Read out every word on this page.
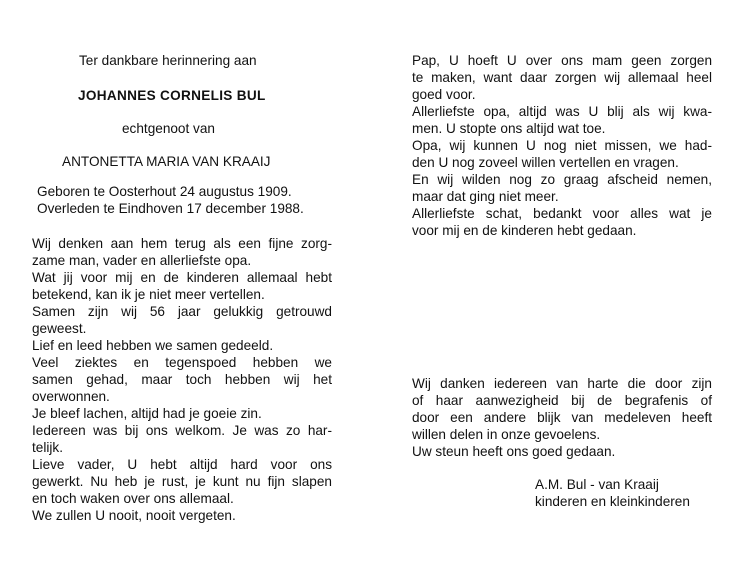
Ter dankbare herinnering aan
JOHANNES CORNELIS BUL
echtgenoot van
ANTONETTA MARIA VAN KRAAIJ
Geboren te Oosterhout 24 augustus 1909.
Overleden te Eindhoven 17 december 1988.
Wij denken aan hem terug als een fijne zorg-
zame man, vader en allerliefste opa.
Wat jij voor mij en de kinderen allemaal hebt
betekend, kan ik je niet meer vertellen.
Samen zijn wij 56 jaar gelukkig getrouwd
geweest.
Lief en leed hebben we samen gedeeld.
Veel ziektes en tegenspoed hebben we
samen gehad, maar toch hebben wij het
overwonnen.
Je bleef lachen, altijd had je goeie zin.
Iedereen was bij ons welkom. Je was zo har-
telijk.
Lieve vader, U hebt altijd hard voor ons
gewerkt. Nu heb je rust, je kunt nu fijn slapen
en toch waken over ons allemaal.
We zullen U nooit, nooit vergeten.
Pap, U hoeft U over ons mam geen zorgen
te maken, want daar zorgen wij allemaal heel
goed voor.
Allerliefste opa, altijd was U blij als wij kwa-
men. U stopte ons altijd wat toe.
Opa, wij kunnen U nog niet missen, we had-
den U nog zoveel willen vertellen en vragen.
En wij wilden nog zo graag afscheid nemen,
maar dat ging niet meer.
Allerliefste schat, bedankt voor alles wat je
voor mij en de kinderen hebt gedaan.
Wij danken iedereen van harte die door zijn
of haar aanwezigheid bij de begrafenis of
door een andere blijk van medeleven heeft
willen delen in onze gevoelens.
Uw steun heeft ons goed gedaan.
A.M. Bul - van Kraaij
kinderen en kleinkinderen
